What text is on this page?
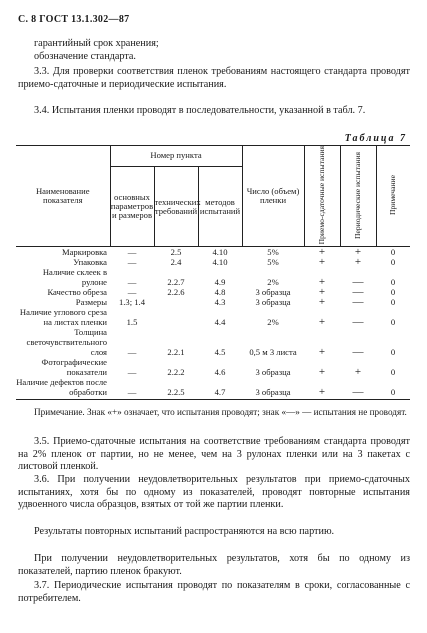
С. 8 ГОСТ 13.1.302—87
гарантийный срок хранения;
обозначение стандарта.
3.3. Для проверки соответствия пленок требованиям настоящего стандарта проводят приемо-сдаточные и периодические испытания.
3.4. Испытания пленки проводят в последовательности, указанной в табл. 7.
Таблица 7
Наименование показателя	Номер пункта			Число (объем) пленки	Приемо-сдаточные испытания	Периодические испытания	Примечание
	основных параметров и размеров	технических требований	методов испытаний				
Маркировка	—	2.5	4.10	5%	+	+	0
Упаковка	—	2.4	4.10	5%	+	+	0
Наличие склеек в рулоне	—	2.2.7	4.9	2%	+	—	0
Качество обреза	—	2.2.6	4.8	3 образца	+	—	0
Размеры	1.3; 1.4		4.3	3 образца	+	—	0
Наличие углового среза на листах пленки	1.5		4.4	2%	+	—	0
Толщина светочувствительного слоя	—	2.2.1	4.5	0,5 м 3 листа	+	—	0
Фотографические показатели	—	2.2.2	4.6	3 образца	+	+	0
Наличие дефектов после обработки	—	2.2.5	4.7	3 образца	+	—	0
Примечание. Знак «+» означает, что испытания проводят; знак «—» — испытания не проводят.
3.5. Приемо-сдаточные испытания на соответствие требованиям стандарта проводят на 2% пленок от партии, но не менее, чем на 3 рулонах пленки или на 3 пакетах с листовой пленкой.
3.6. При получении неудовлетворительных результатов при приемо-сдаточных испытаниях, хотя бы по одному из показателей, проводят повторные испытания удвоенного числа образцов, взятых от той же партии пленки.
Результаты повторных испытаний распространяются на всю партию.
При получении неудовлетворительных результатов, хотя бы по одному из показателей, партию пленок бракуют.
3.7. Периодические испытания проводят по показателям в сроки, согласованные с потребителем.
